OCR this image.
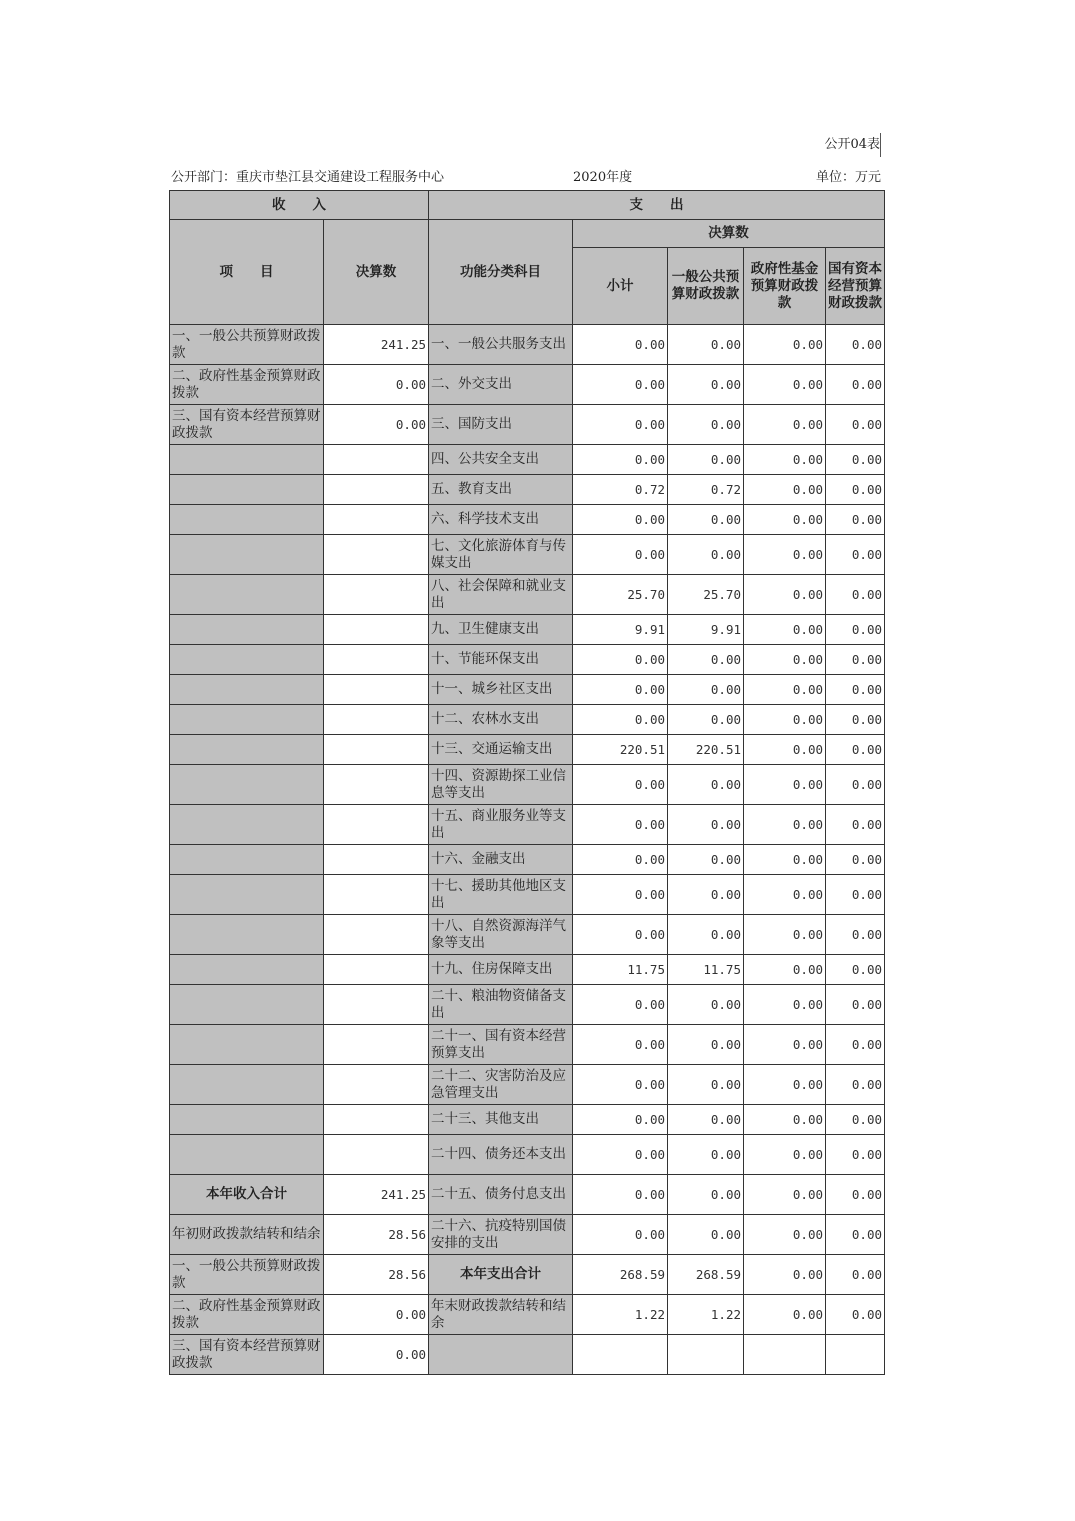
公开04表
公开部门：重庆市垫江县交通建设工程服务中心	2020年度	单位：万元
收　　入		支　　出				
项　　目	决算数	功能分类科目	决算数			
			小计	一般公共预算财政拨款	政府性基金预算财政拨款	国有资本经营预算财政拨款
一、一般公共预算财政拨款	241.25	一、一般公共服务支出	0.00	0.00	0.00	0.00
二、政府性基金预算财政拨款	0.00	二、外交支出	0.00	0.00	0.00	0.00
三、国有资本经营预算财政拨款	0.00	三、国防支出	0.00	0.00	0.00	0.00
		四、公共安全支出	0.00	0.00	0.00	0.00
		五、教育支出	0.72	0.72	0.00	0.00
		六、科学技术支出	0.00	0.00	0.00	0.00
		七、文化旅游体育与传媒支出	0.00	0.00	0.00	0.00
		八、社会保障和就业支出	25.70	25.70	0.00	0.00
		九、卫生健康支出	9.91	9.91	0.00	0.00
		十、节能环保支出	0.00	0.00	0.00	0.00
		十一、城乡社区支出	0.00	0.00	0.00	0.00
		十二、农林水支出	0.00	0.00	0.00	0.00
		十三、交通运输支出	220.51	220.51	0.00	0.00
		十四、资源勘探工业信息等支出	0.00	0.00	0.00	0.00
		十五、商业服务业等支出	0.00	0.00	0.00	0.00
		十六、金融支出	0.00	0.00	0.00	0.00
		十七、援助其他地区支出	0.00	0.00	0.00	0.00
		十八、自然资源海洋气象等支出	0.00	0.00	0.00	0.00
		十九、住房保障支出	11.75	11.75	0.00	0.00
		二十、粮油物资储备支出	0.00	0.00	0.00	0.00
		二十一、国有资本经营预算支出	0.00	0.00	0.00	0.00
		二十二、灾害防治及应急管理支出	0.00	0.00	0.00	0.00
		二十三、其他支出	0.00	0.00	0.00	0.00
		二十四、债务还本支出	0.00	0.00	0.00	0.00
本年收入合计	241.25	二十五、债务付息支出	0.00	0.00	0.00	0.00
年初财政拨款结转和结余	28.56	二十六、抗疫特别国债安排的支出	0.00	0.00	0.00	0.00
一、一般公共预算财政拨款	28.56	本年支出合计	268.59	268.59	0.00	0.00
二、政府性基金预算财政拨款	0.00	年末财政拨款结转和结余	1.22	1.22	0.00	0.00
三、国有资本经营预算财政拨款	0.00					
